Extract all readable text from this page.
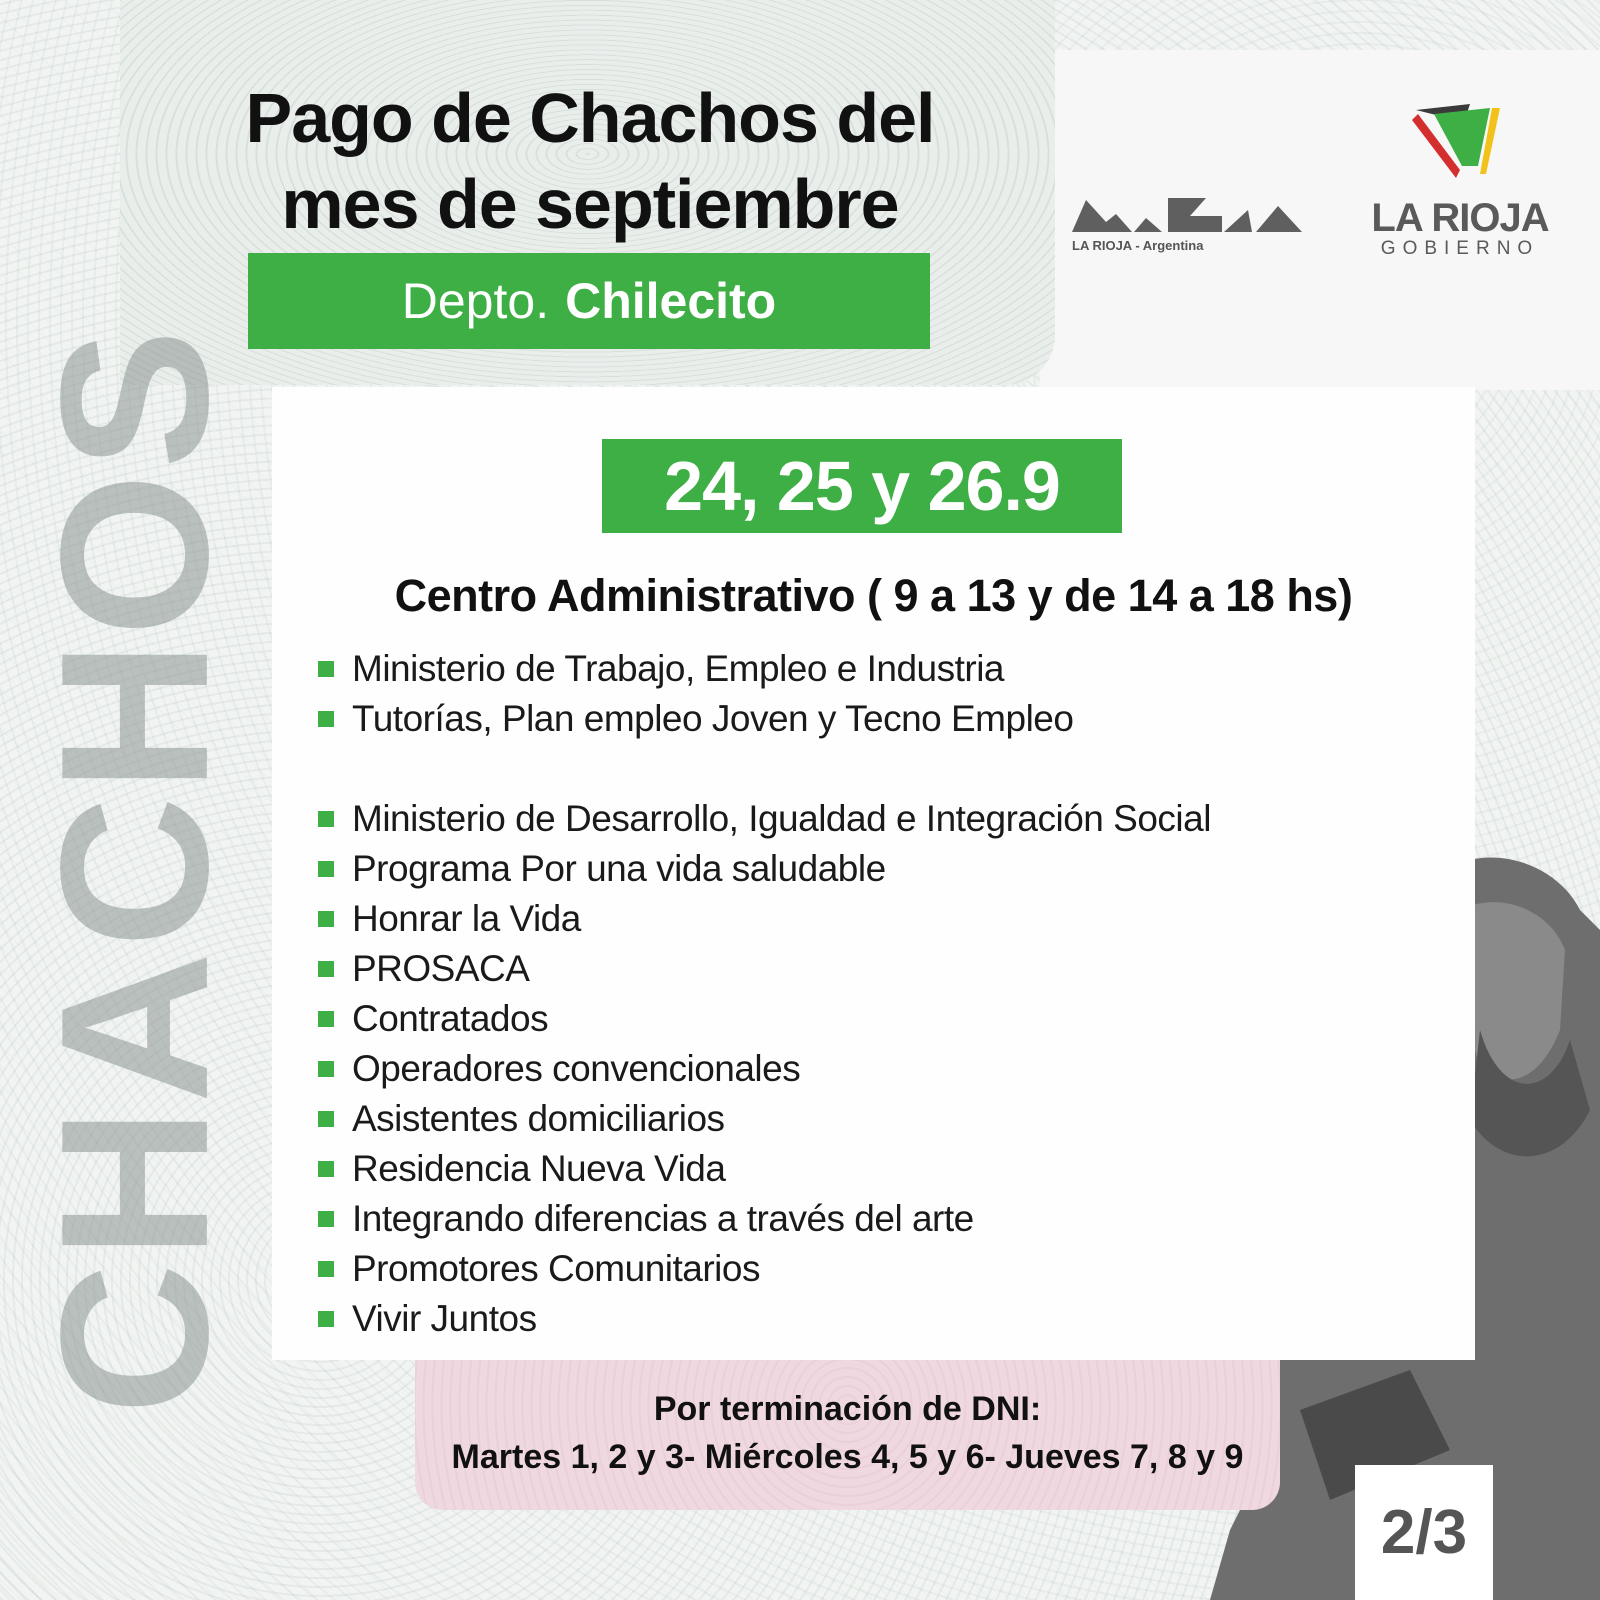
Pago de Chachos del
mes de septiembre
Depto. Chilecito
LA RIOJA - Argentina
LA RIOJA
GOBIERNO
CHACHOS	24, 25 y 26.9
Centro Administrativo ( 9 a 13 y de 14 a 18 hs)
Ministerio de Trabajo, Empleo e Industria
Tutorías, Plan empleo Joven y Tecno Empleo
Ministerio de Desarrollo, Igualdad e Integración Social
Programa Por una vida saludable
Honrar la Vida
PROSACA
Contratados
Operadores convencionales
Asistentes domiciliarios
Residencia Nueva Vida
Integrando diferencias a través del arte
Promotores Comunitarios
Vivir Juntos
Por terminación de DNI:
Martes 1, 2 y 3- Miércoles 4, 5 y 6- Jueves 7, 8 y 9
2/3
